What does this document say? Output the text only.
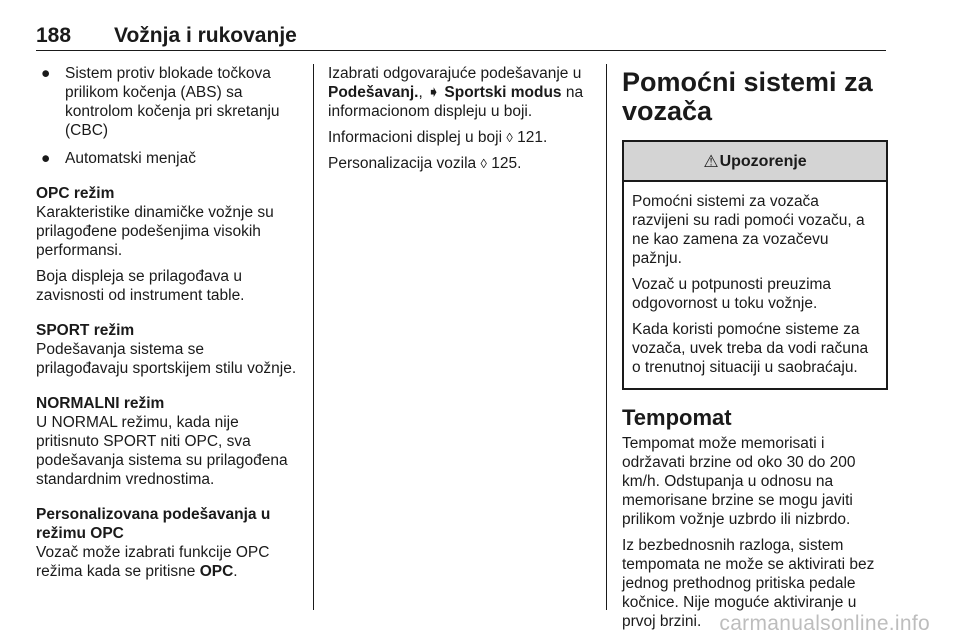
188 Vožnja i rukovanje
● Sistem protiv blokade točkova prilikom kočenja (ABS) sa kontrolom kočenja pri skretanju (CBC)
● Automatski menjač

OPC režim

Karakteristike dinamičke vožnje su prilagođene podešenjima visokih performansi.

Boja displeja se prilagođava u zavisnosti od instrument table.

SPORT režim

Podešavanja sistema se prilagođavaju sportskijem stilu vožnje.

NORMALNI režim

U NORMAL režimu, kada nije pritisnuto SPORT niti OPC, sva podešavanja sistema su prilagođena standardnim vrednostima.

Personalizovana podešavanja u
režimu OPC

Vozač može izabrati funkcije OPC režima kada se pritisne OPC.

Izabrati odgovarajuće podešavanje u Podešavanj., ➧ Sportski modus na informacionom displeju u boji.

Informacioni displej u boji ◊ 121.

Personalizacija vozila ◊ 125.

Pomoćni sistemi za
vozača
⚠ Upozorenje

Pomoćni sistemi za vozača razvijeni su radi pomoći vozaču, a ne kao zamena za vozačevu pažnju.

Vozač u potpunosti preuzima odgovornost u toku vožnje.

Kada koristi pomoćne sisteme za vozača, uvek treba da vodi računa o trenutnoj situaciji u saobraćaju.

Tempomat

Tempomat može memorisati i održavati brzine od oko 30 do 200 km/h. Odstupanja u odnosu na memorisane brzine se mogu javiti prilikom vožnje uzbrdo ili nizbrdo.

Iz bezbednosnih razloga, sistem tempomata ne može se aktivirati bez jednog prethodnog pritiska pedale kočnice. Nije moguće aktiviranje u prvoj brzini. carmanualsonline.info
